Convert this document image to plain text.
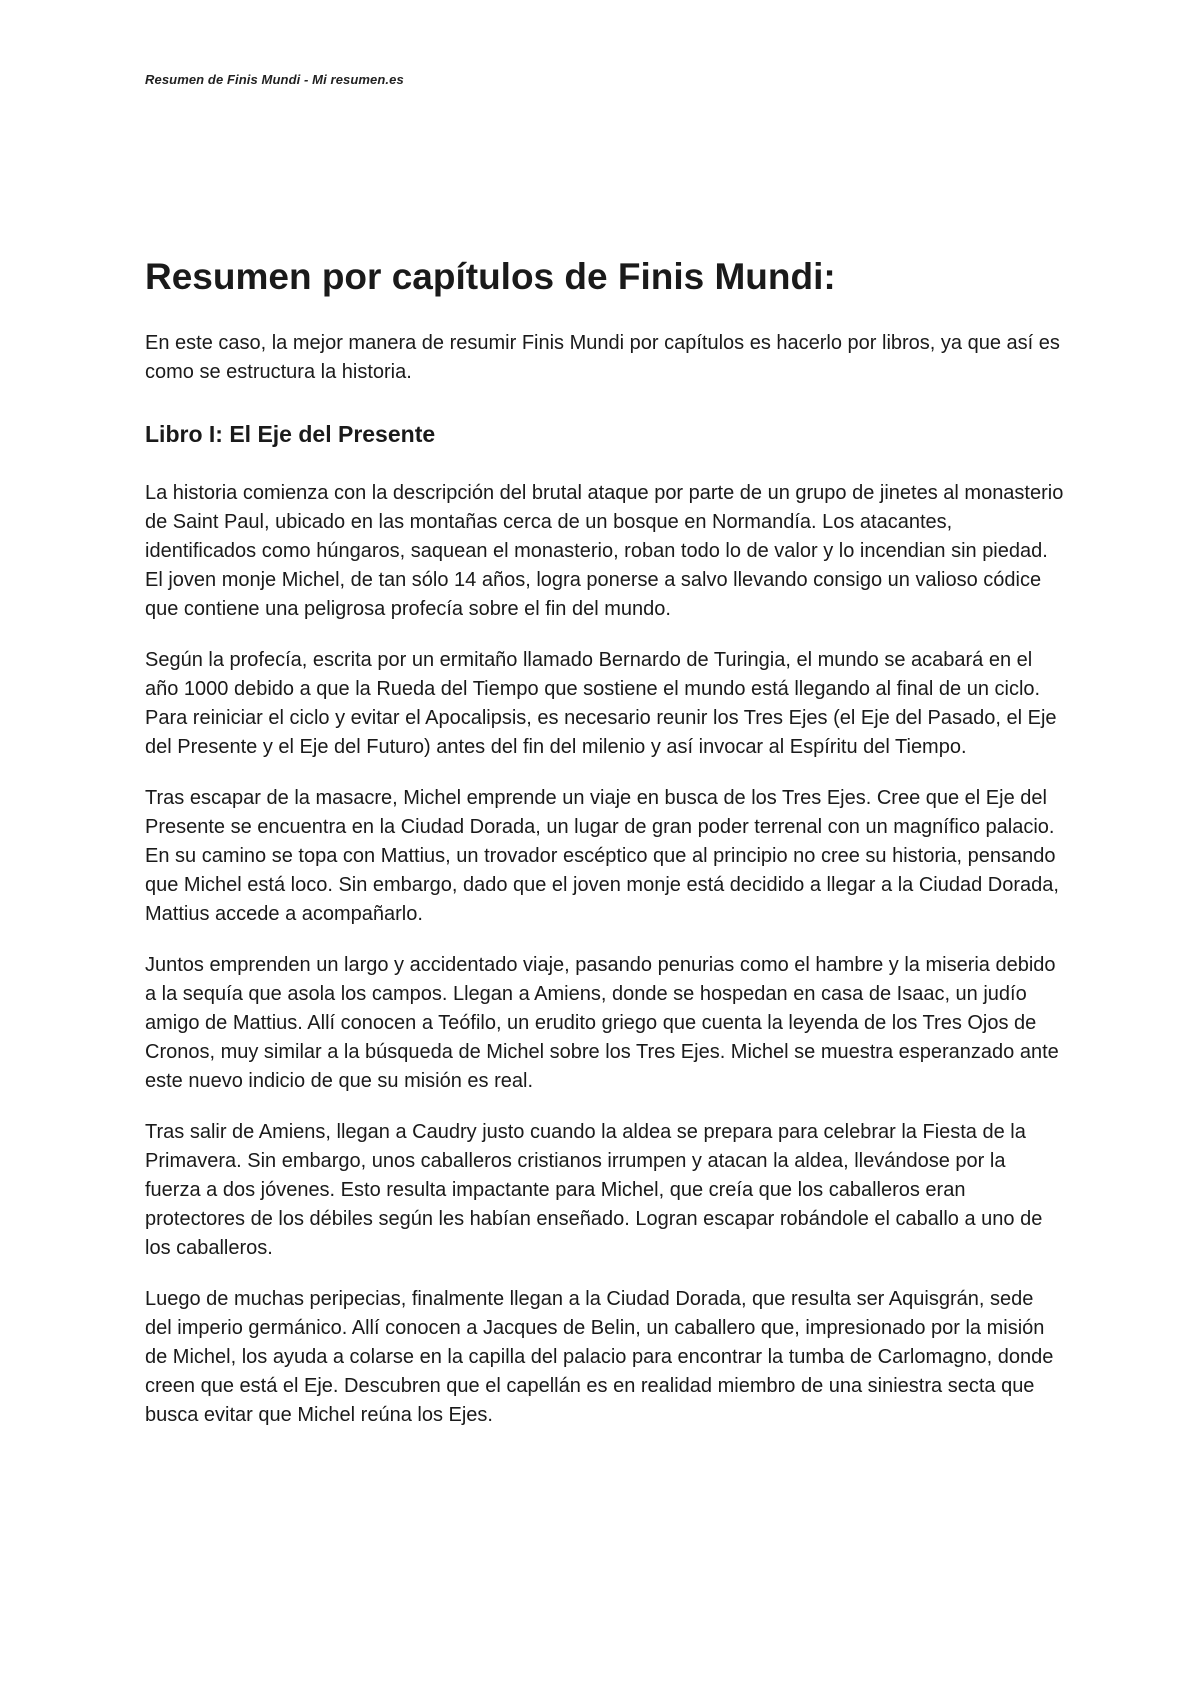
Resumen de Finis Mundi - Mi resumen.es
Resumen por capítulos de Finis Mundi:

En este caso, la mejor manera de resumir Finis Mundi por capítulos es hacerlo por libros, ya que así es como se estructura la historia.

Libro I: El Eje del Presente

La historia comienza con la descripción del brutal ataque por parte de un grupo de jinetes al monasterio de Saint Paul, ubicado en las montañas cerca de un bosque en Normandía. Los atacantes, identificados como húngaros, saquean el monasterio, roban todo lo de valor y lo incendian sin piedad. El joven monje Michel, de tan sólo 14 años, logra ponerse a salvo llevando consigo un valioso códice que contiene una peligrosa profecía sobre el fin del mundo.

Según la profecía, escrita por un ermitaño llamado Bernardo de Turingia, el mundo se acabará en el año 1000 debido a que la Rueda del Tiempo que sostiene el mundo está llegando al final de un ciclo. Para reiniciar el ciclo y evitar el Apocalipsis, es necesario reunir los Tres Ejes (el Eje del Pasado, el Eje del Presente y el Eje del Futuro) antes del fin del milenio y así invocar al Espíritu del Tiempo.

Tras escapar de la masacre, Michel emprende un viaje en busca de los Tres Ejes. Cree que el Eje del Presente se encuentra en la Ciudad Dorada, un lugar de gran poder terrenal con un magnífico palacio. En su camino se topa con Mattius, un trovador escéptico que al principio no cree su historia, pensando que Michel está loco. Sin embargo, dado que el joven monje está decidido a llegar a la Ciudad Dorada, Mattius accede a acompañarlo.

Juntos emprenden un largo y accidentado viaje, pasando penurias como el hambre y la miseria debido a la sequía que asola los campos. Llegan a Amiens, donde se hospedan en casa de Isaac, un judío amigo de Mattius. Allí conocen a Teófilo, un erudito griego que cuenta la leyenda de los Tres Ojos de Cronos, muy similar a la búsqueda de Michel sobre los Tres Ejes. Michel se muestra esperanzado ante este nuevo indicio de que su misión es real.

Tras salir de Amiens, llegan a Caudry justo cuando la aldea se prepara para celebrar la Fiesta de la Primavera. Sin embargo, unos caballeros cristianos irrumpen y atacan la aldea, llevándose por la fuerza a dos jóvenes. Esto resulta impactante para Michel, que creía que los caballeros eran protectores de los débiles según les habían enseñado. Logran escapar robándole el caballo a uno de los caballeros.

Luego de muchas peripecias, finalmente llegan a la Ciudad Dorada, que resulta ser Aquisgrán, sede del imperio germánico. Allí conocen a Jacques de Belin, un caballero que, impresionado por la misión de Michel, los ayuda a colarse en la capilla del palacio para encontrar la tumba de Carlomagno, donde creen que está el Eje. Descubren que el capellán es en realidad miembro de una siniestra secta que busca evitar que Michel reúna los Ejes.
